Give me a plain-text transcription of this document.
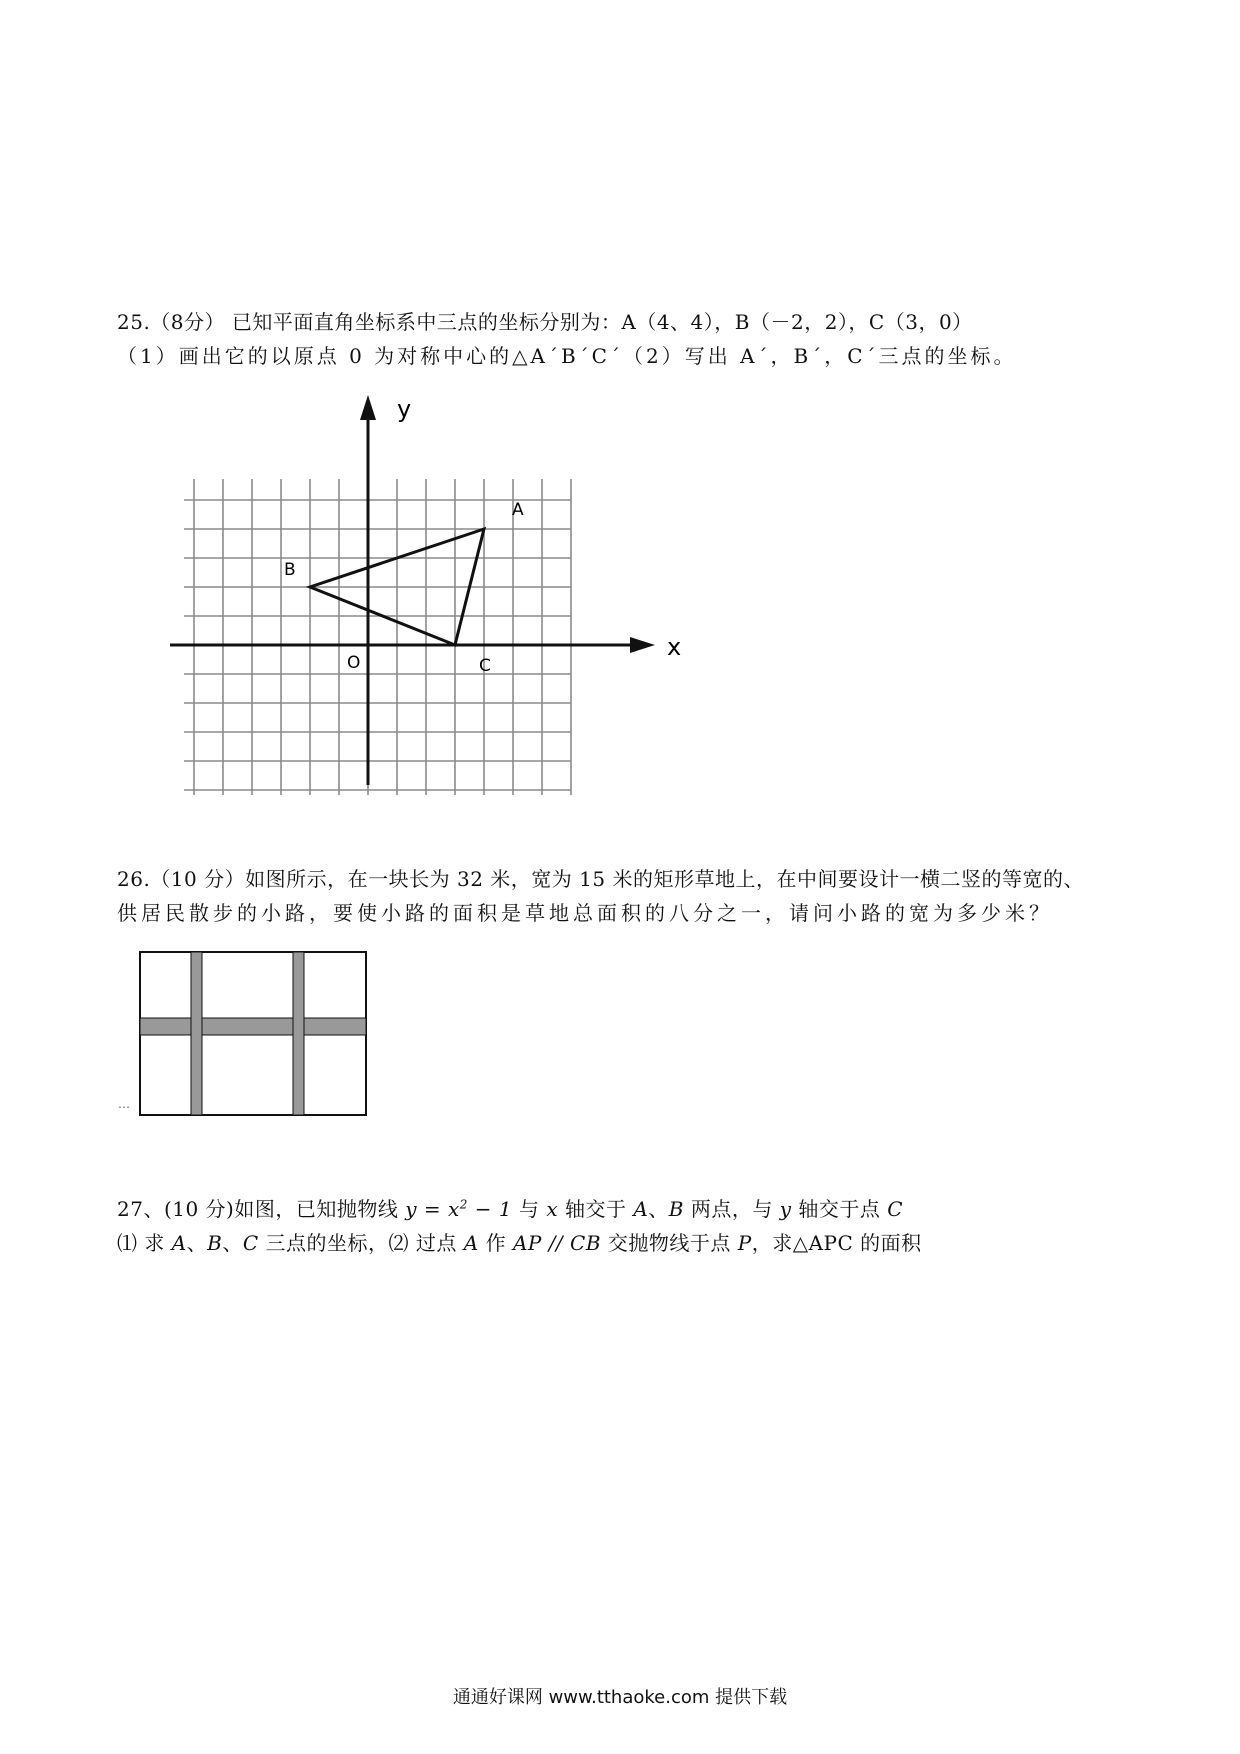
25.（8分） 已知平面直角坐标系中三点的坐标分别为：A（4、4），B（－2，2），C（3，0）
（1）画出它的以原点 0 为对称中心的△A´B´C´（2）写出 A´，B´，C´三点的坐标。
y
x
O
A
B
C
26.（10 分）如图所示，在一块长为 32 米，宽为 15 米的矩形草地上，在中间要设计一横二竖的等宽的、
供居民散步的小路，要使小路的面积是草地总面积的八分之一，请问小路的宽为多少米？
…
27、(10 分)如图，已知抛物线 $y = x^2 - 1$ 与 x 轴交于 A、B 两点，与 y 轴交于点 C
⑴ 求 A、B、C 三点的坐标，⑵ 过点 A 作 AP // CB 交抛物线于点 P，求△APC 的面积
通通好课网 www.tthaoke.com 提供下载
